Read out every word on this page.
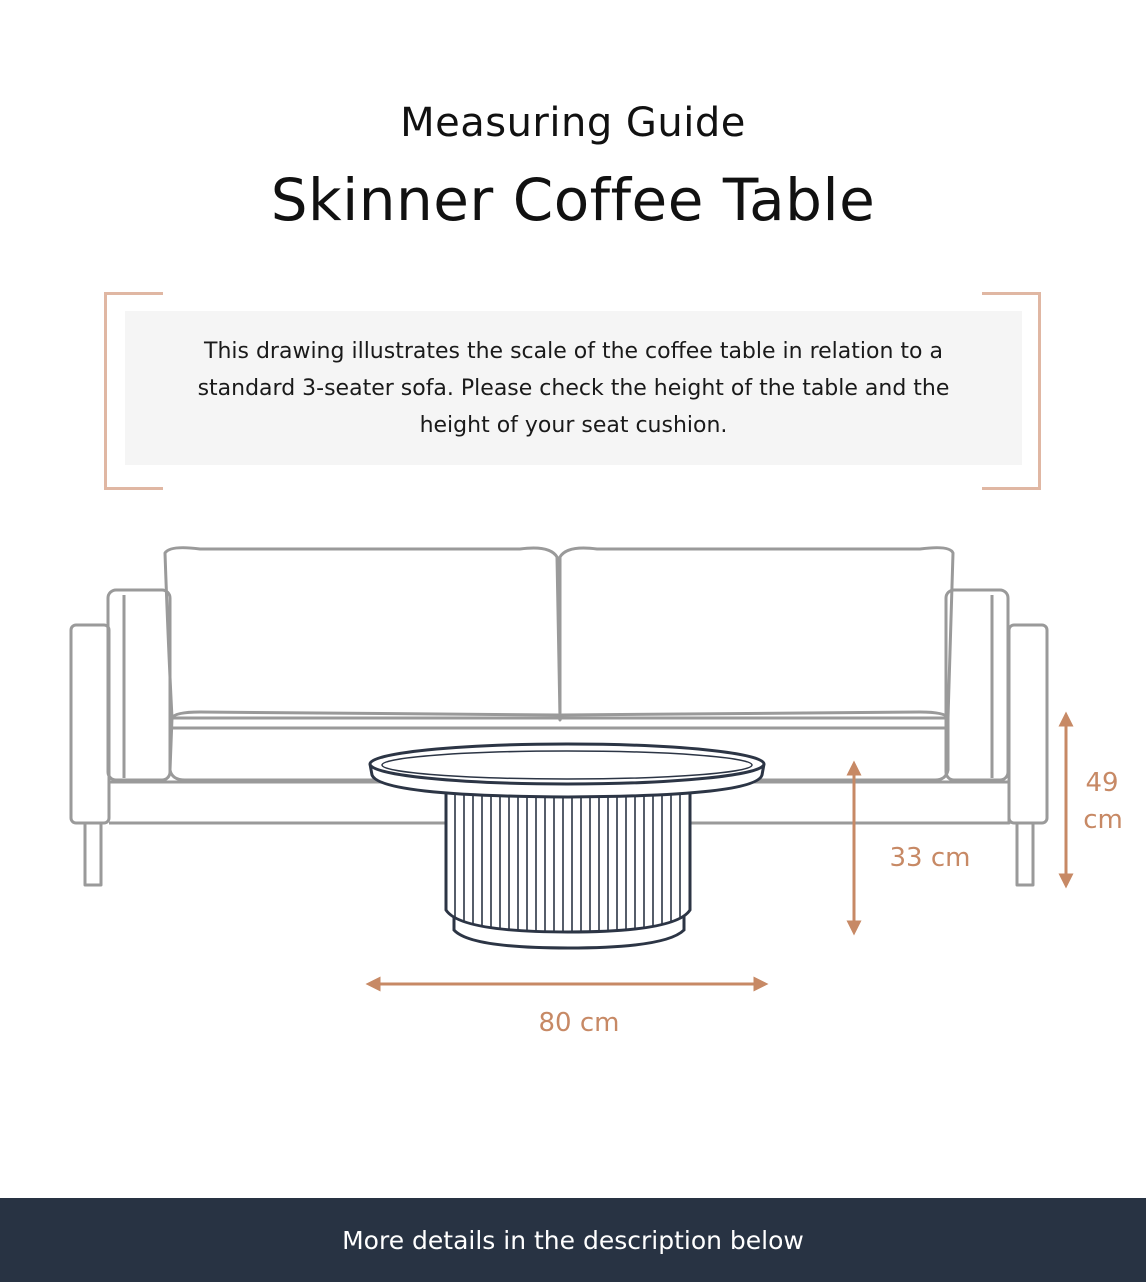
Measuring Guide
Skinner Coffee Table
This drawing illustrates the scale of the coffee table in relation to a standard 3-seater sofa. Please check the height of the table and the height of your seat cushion.
80 cm
33 cm
49
cm
More details in the description below
